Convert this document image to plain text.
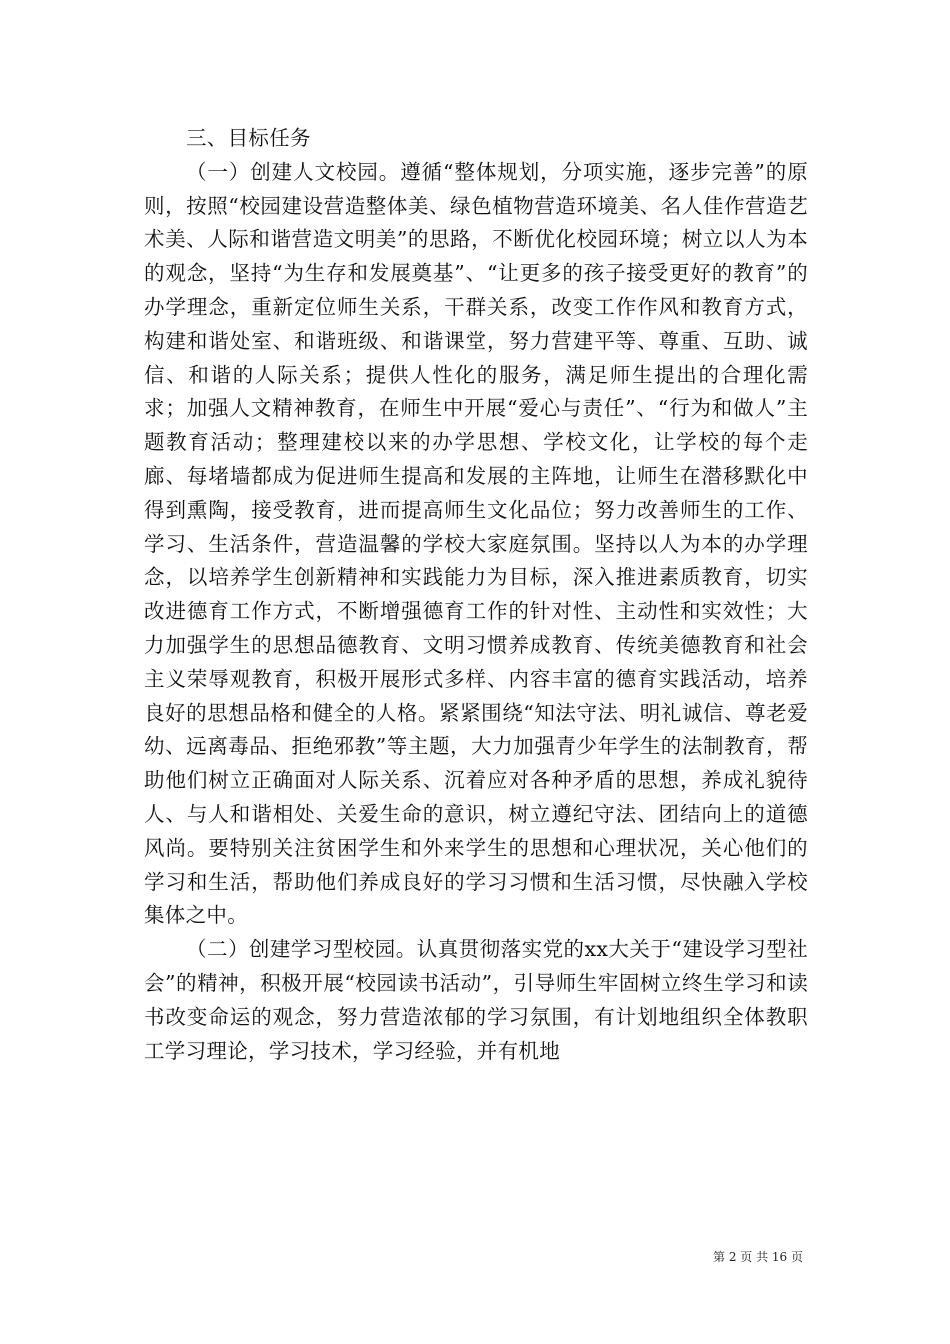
三、目标任务

（一）创建人文校园。遵循“整体规划，分项实施，逐步完善”的原则，按照“校园建设营造整体美、绿色植物营造环境美、名人佳作营造艺术美、人际和谐营造文明美”的思路，不断优化校园环境；树立以人为本的观念，坚持“为生存和发展奠基”、“让更多的孩子接受更好的教育”的办学理念，重新定位师生关系，干群关系，改变工作作风和教育方式，构建和谐处室、和谐班级、和谐课堂，努力营建平等、尊重、互助、诚信、和谐的人际关系；提供人性化的服务，满足师生提出的合理化需求；加强人文精神教育，在师生中开展“爱心与责任”、“行为和做人”主题教育活动；整理建校以来的办学思想、学校文化，让学校的每个走廊、每堵墙都成为促进师生提高和发展的主阵地，让师生在潜移默化中得到熏陶，接受教育，进而提高师生文化品位；努力改善师生的工作、学习、生活条件，营造温馨的学校大家庭氛围。坚持以人为本的办学理念，以培养学生创新精神和实践能力为目标，深入推进素质教育，切实改进德育工作方式，不断增强德育工作的针对性、主动性和实效性；大力加强学生的思想品德教育、文明习惯养成教育、传统美德教育和社会主义荣辱观教育，积极开展形式多样、内容丰富的德育实践活动，培养良好的思想品格和健全的人格。紧紧围绕“知法守法、明礼诚信、尊老爱幼、远离毒品、拒绝邪教”等主题，大力加强青少年学生的法制教育，帮助他们树立正确面对人际关系、沉着应对各种矛盾的思想，养成礼貌待人、与人和谐相处、关爱生命的意识，树立遵纪守法、团结向上的道德风尚。要特别关注贫困学生和外来学生的思想和心理状况，关心他们的学习和生活，帮助他们养成良好的学习习惯和生活习惯，尽快融入学校集体之中。

（二）创建学习型校园。认真贯彻落实党的xx大关于“建设学习型社会”的精神，积极开展“校园读书活动”，引导师生牢固树立终生学习和读书改变命运的观念，努力营造浓郁的学习氛围，有计划地组织全体教职工学习理论，学习技术，学习经验，并有机地

第 2 页 共 16 页
